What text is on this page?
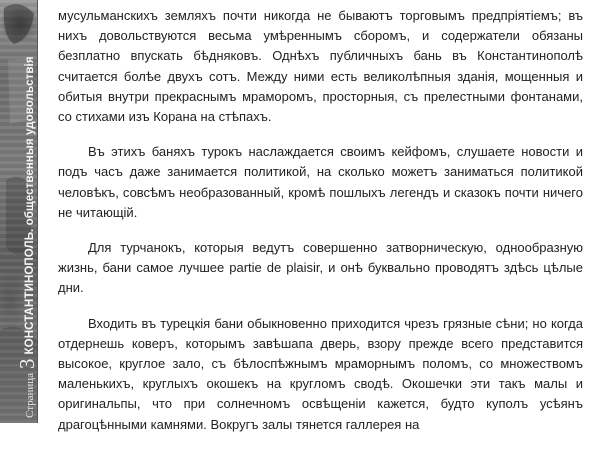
Страница
3
КОНСТАНТИНОПОЛЬ. общественныя удовольствія

мусульманскихъ земляхъ почти никогда не бываютъ торговымъ предпріятіемъ; въ нихъ довольствуются весьма умѣреннымъ сборомъ, и содержатели обязаны безплатно впускать бѣдняковъ. Однѣхъ публичныхъ бань въ Константинополѣ считается болѣе двухъ сотъ. Между ними есть великолѣпныя зданія, мощенныя и обитыя внутри прекраснымъ мраморомъ, просторныя, съ прелестными фонтанами, со стихами изъ Корана на стѣпахъ.

Въ этихъ баняхъ турокъ наслаждается своимъ кейфомъ, слушаете новости и подъ часъ даже занимается политикой, на сколько можетъ заниматься политикой человѣкъ, совсѣмъ необразованный, кромѣ пошлыхъ легендъ и сказокъ почти ничего не читающій.

Для турчанокъ, которыя ведутъ совершенно затворническую, однообразную жизнь, бани самое лучшее partie de plaisir, и онѣ буквально проводятъ здѣсь цѣлые дни.

Входить въ турецкія бани обыкновенно приходится чрезъ грязные сѣни; но когда отдернешь коверъ, которымъ завѣшапа дверь, взору прежде всего представится высокое, круглое зало, съ бѣлоспѣжнымъ мраморнымъ поломъ, со множествомъ маленькихъ, круглыхъ окошекъ на кругломъ сводѣ. Окошечки эти такъ малы и оригинальпы, что при солнечномъ освѣщеніи кажется, будто куполъ усѣянъ драгоцѣнными камнями. Вокругъ залы тянется галлерея на
